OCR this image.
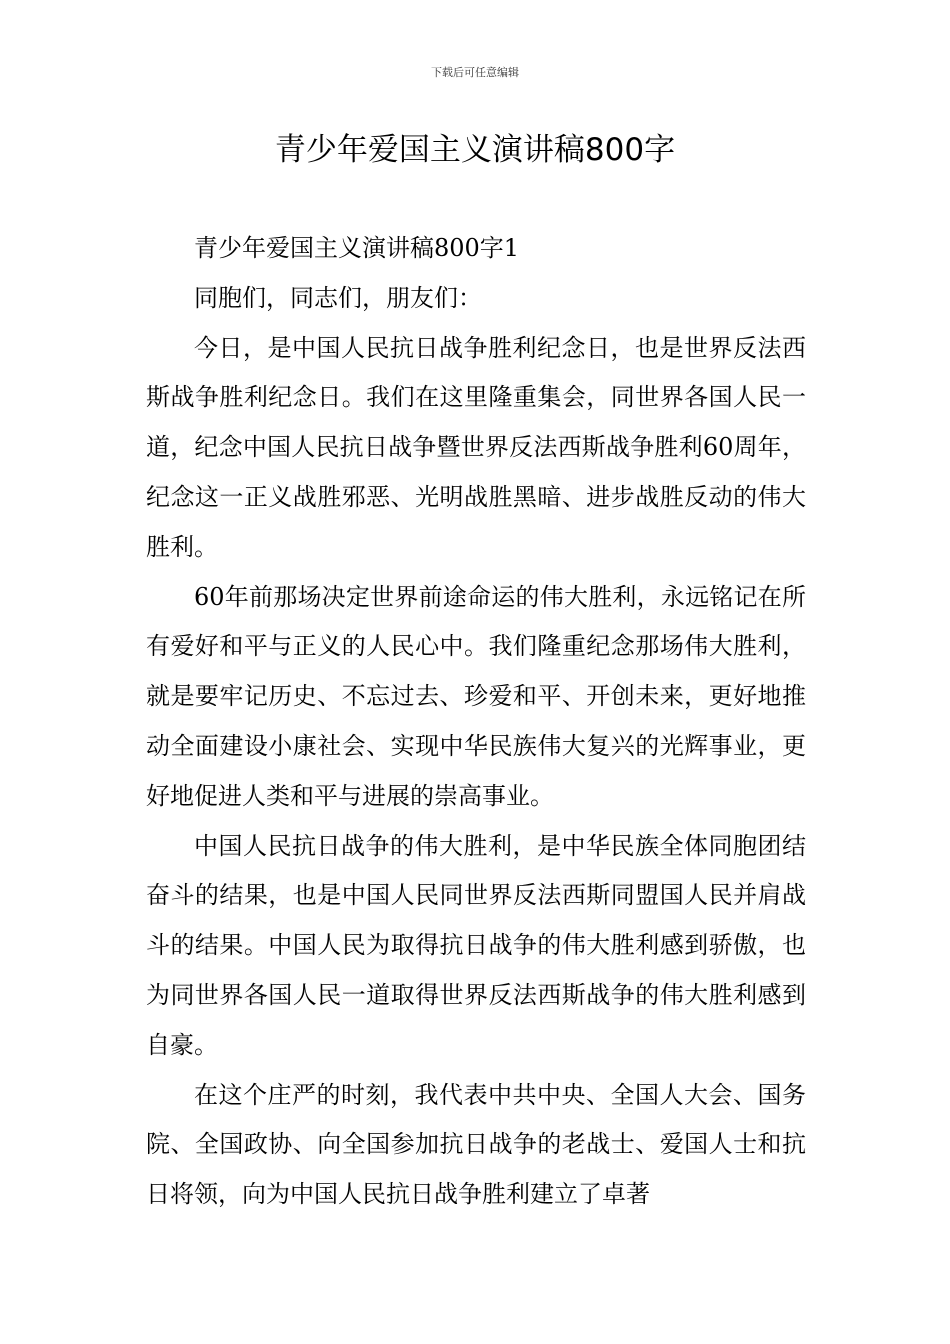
下载后可任意编辑
青少年爱国主义演讲稿800字

青少年爱国主义演讲稿800字1

同胞们，同志们，朋友们：

今日，是中国人民抗日战争胜利纪念日，也是世界反法西斯战争胜利纪念日。我们在这里隆重集会，同世界各国人民一道，纪念中国人民抗日战争暨世界反法西斯战争胜利60周年，纪念这一正义战胜邪恶、光明战胜黑暗、进步战胜反动的伟大胜利。

60年前那场决定世界前途命运的伟大胜利，永远铭记在所有爱好和平与正义的人民心中。我们隆重纪念那场伟大胜利，就是要牢记历史、不忘过去、珍爱和平、开创未来，更好地推动全面建设小康社会、实现中华民族伟大复兴的光辉事业，更好地促进人类和平与进展的崇高事业。

中国人民抗日战争的伟大胜利，是中华民族全体同胞团结奋斗的结果，也是中国人民同世界反法西斯同盟国人民并肩战斗的结果。中国人民为取得抗日战争的伟大胜利感到骄傲，也为同世界各国人民一道取得世界反法西斯战争的伟大胜利感到自豪。

在这个庄严的时刻，我代表中共中央、全国人大会、国务院、全国政协、向全国参加抗日战争的老战士、爱国人士和抗日将领，向为中国人民抗日战争胜利建立了卓著
